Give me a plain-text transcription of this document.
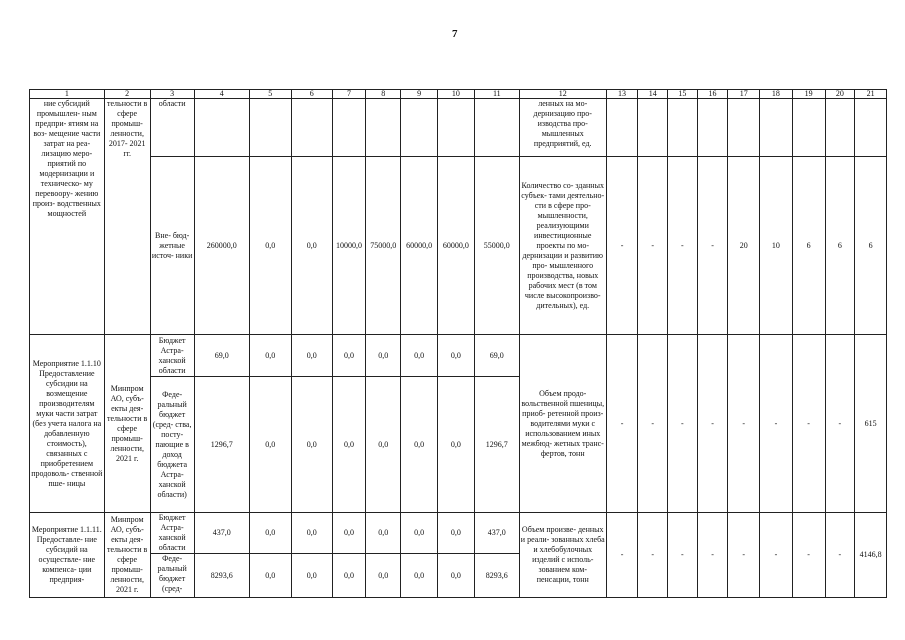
7
1	2	3	4	5	6	7	8	9	10	11	12	13	14	15	16	17	18	19	20	21
ние субсидий промышлен- ным предпри- ятиям на воз- мещение части затрат на реа- лизацию меро- приятий по модернизации и техническо- му перевоору- жению произ- водственных мощностей	тельности в сфере промыш- ленности, 2017- 2021 гг.	области									ленных на мо- дернизацию про- изводства про- мышленных предприятий, ед.									
		Вне- бюд- жетные источ- ники	260000,0	0,0	0,0	10000,0	75000,0	60000,0	60000,0	55000,0	Количество со- зданных субъек- тами деятельно- сти в сфере про- мышленности, реализующими инвестиционные проекты по мо- дернизации и развитию про- мышленного производства, новых рабочих мест (в том числе высокопроизво- дительных), ед.	-	-	-	-	20	10	6	6	6
Мероприятие 1.1.10 Предоставление субсидии на возмещение производителям муки части затрат (без учета налога на добавленную стоимость), связанных с приобретением продоволь- ственной пше- ницы	Минпром АО, субъ- екты дея- тельности в сфере промыш- ленности, 2021 г.	Бюджет Астра- ханской области	69,0	0,0	0,0	0,0	0,0	0,0	0,0	69,0	Объем продо- вольственной пшеницы, приоб- ретенной произ- водителями муки с использованием иных межбюд- жетных транс- фертов, тонн	-	-	-	-	-	-	-	-	615
		Феде- ральный бюджет (сред- ства, посту- пающие в доход бюджета Астра- ханской области)	1296,7	0,0	0,0	0,0	0,0	0,0	0,0	1296,7										
Мероприятие 1.1.11. Предоставле- ние субсидий на осуществле- ние компенса- ции предприя-	Минпром АО, субъ- екты дея- тельности в сфере промыш- ленности, 2021 г.	Бюджет Астра- ханской области	437,0	0,0	0,0	0,0	0,0	0,0	0,0	437,0	Объем произве- денных и реали- зованных хлеба и хлебобулочных изделий с исполь- зованием ком- пенсации, тонн	-	-	-	-	-	-	-	-	4146,8
		Феде- ральный бюджет (сред-	8293,6	0,0	0,0	0,0	0,0	0,0	0,0	8293,6										
